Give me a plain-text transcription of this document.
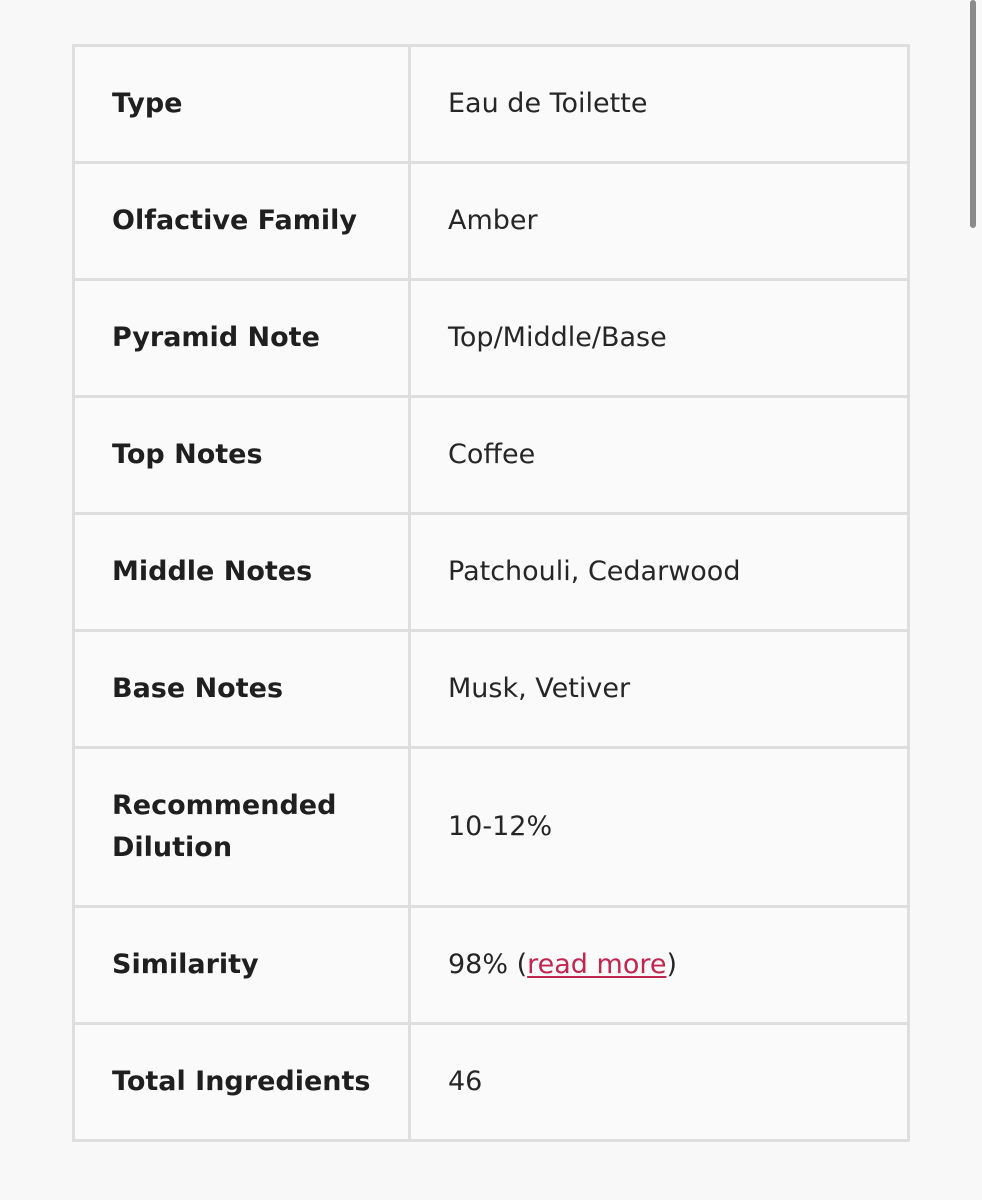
Type	Eau de Toilette
Olfactive Family	Amber
Pyramid Note	Top/Middle/Base
Top Notes	Coffee
Middle Notes	Patchouli, Cedarwood
Base Notes	Musk, Vetiver
Recommended Dilution	10-12%
Similarity	98% (read more)
Total Ingredients	46
